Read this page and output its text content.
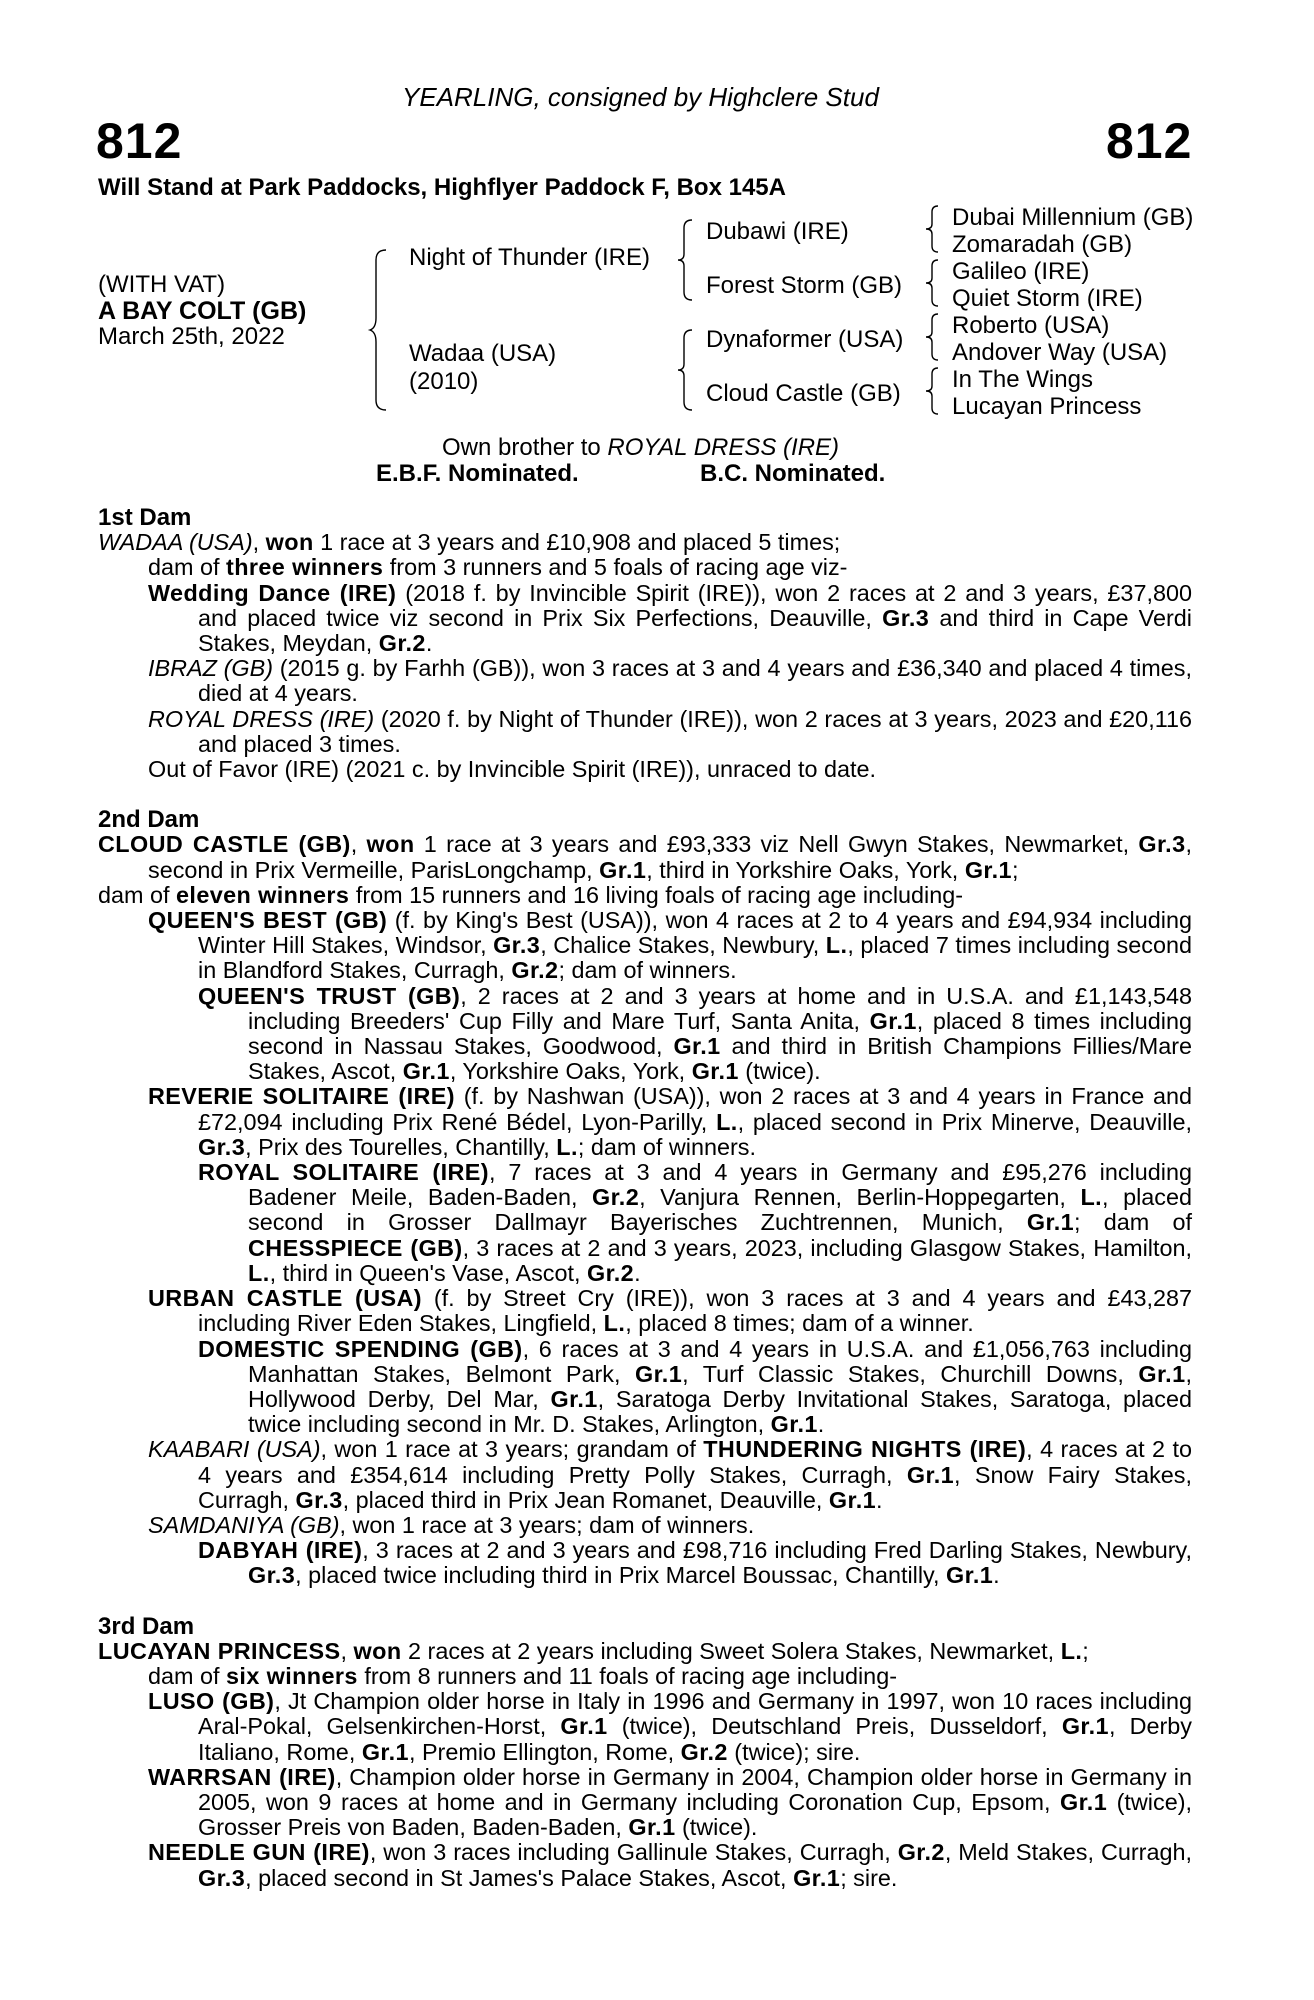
YEARLING, consigned by Highclere Stud
812	812
Will Stand at Park Paddocks, Highflyer Paddock F, Box 145A
(WITH VAT)
A BAY COLT (GB)
March 25th, 2022
Night of Thunder (IRE)
Wadaa (USA)
(2010)
Dubawi (IRE)
Forest Storm (GB)
Dynaformer (USA)
Cloud Castle (GB)
Dubai Millennium (GB)
Zomaradah (GB)
Galileo (IRE)
Quiet Storm (IRE)
Roberto (USA)
Andover Way (USA)
In The Wings
Lucayan Princess
Own brother to ROYAL DRESS (IRE)
E.B.F. Nominated.	B.C. Nominated.

1st Dam

WADAA (USA), won 1 race at 3 years and £10,908 and placed 5 times;
dam of three winners from 3 runners and 5 foals of racing age viz-

Wedding Dance (IRE) (2018 f. by Invincible Spirit (IRE)), won 2 races at 2 and 3 years, £37,800 and placed twice viz second in Prix Six Perfections, Deauville, Gr.3 and third in Cape Verdi Stakes, Meydan, Gr.2.

IBRAZ (GB) (2015 g. by Farhh (GB)), won 3 races at 3 and 4 years and £36,340 and placed 4 times, died at 4 years.

ROYAL DRESS (IRE) (2020 f. by Night of Thunder (IRE)), won 2 races at 3 years, 2023 and £20,116 and placed 3 times.

Out of Favor (IRE) (2021 c. by Invincible Spirit (IRE)), unraced to date.

2nd Dam

CLOUD CASTLE (GB), won 1 race at 3 years and £93,333 viz Nell Gwyn Stakes, Newmarket, Gr.3, second in Prix Vermeille, ParisLongchamp, Gr.1, third in Yorkshire Oaks, York, Gr.1;

dam of eleven winners from 15 runners and 16 living foals of racing age including-

QUEEN'S BEST (GB) (f. by King's Best (USA)), won 4 races at 2 to 4 years and £94,934 including Winter Hill Stakes, Windsor, Gr.3, Chalice Stakes, Newbury, L., placed 7 times including second in Blandford Stakes, Curragh, Gr.2; dam of winners.

QUEEN'S TRUST (GB), 2 races at 2 and 3 years at home and in U.S.A. and £1,143,548 including Breeders' Cup Filly and Mare Turf, Santa Anita, Gr.1, placed 8 times including second in Nassau Stakes, Goodwood, Gr.1 and third in British Champions Fillies/Mare Stakes, Ascot, Gr.1, Yorkshire Oaks, York, Gr.1 (twice).

REVERIE SOLITAIRE (IRE) (f. by Nashwan (USA)), won 2 races at 3 and 4 years in France and £72,094 including Prix René Bédel, Lyon-Parilly, L., placed second in Prix Minerve, Deauville, Gr.3, Prix des Tourelles, Chantilly, L.; dam of winners.

ROYAL SOLITAIRE (IRE), 7 races at 3 and 4 years in Germany and £95,276 including Badener Meile, Baden-Baden, Gr.2, Vanjura Rennen, Berlin-Hoppegarten, L., placed second in Grosser Dallmayr Bayerisches Zuchtrennen, Munich, Gr.1; dam of CHESSPIECE (GB), 3 races at 2 and 3 years, 2023, including Glasgow Stakes, Hamilton, L., third in Queen's Vase, Ascot, Gr.2.

URBAN CASTLE (USA) (f. by Street Cry (IRE)), won 3 races at 3 and 4 years and £43,287 including River Eden Stakes, Lingfield, L., placed 8 times; dam of a winner.

DOMESTIC SPENDING (GB), 6 races at 3 and 4 years in U.S.A. and £1,056,763 including Manhattan Stakes, Belmont Park, Gr.1, Turf Classic Stakes, Churchill Downs, Gr.1, Hollywood Derby, Del Mar, Gr.1, Saratoga Derby Invitational Stakes, Saratoga, placed twice including second in Mr. D. Stakes, Arlington, Gr.1.

KAABARI (USA), won 1 race at 3 years; grandam of THUNDERING NIGHTS (IRE), 4 races at 2 to 4 years and £354,614 including Pretty Polly Stakes, Curragh, Gr.1, Snow Fairy Stakes, Curragh, Gr.3, placed third in Prix Jean Romanet, Deauville, Gr.1.

SAMDANIYA (GB), won 1 race at 3 years; dam of winners.

DABYAH (IRE), 3 races at 2 and 3 years and £98,716 including Fred Darling Stakes, Newbury, Gr.3, placed twice including third in Prix Marcel Boussac, Chantilly, Gr.1.

3rd Dam

LUCAYAN PRINCESS, won 2 races at 2 years including Sweet Solera Stakes, Newmarket, L.;
dam of six winners from 8 runners and 11 foals of racing age including-

LUSO (GB), Jt Champion older horse in Italy in 1996 and Germany in 1997, won 10 races including Aral-Pokal, Gelsenkirchen-Horst, Gr.1 (twice), Deutschland Preis, Dusseldorf, Gr.1, Derby Italiano, Rome, Gr.1, Premio Ellington, Rome, Gr.2 (twice); sire.

WARRSAN (IRE), Champion older horse in Germany in 2004, Champion older horse in Germany in 2005, won 9 races at home and in Germany including Coronation Cup, Epsom, Gr.1 (twice), Grosser Preis von Baden, Baden-Baden, Gr.1 (twice).

NEEDLE GUN (IRE), won 3 races including Gallinule Stakes, Curragh, Gr.2, Meld Stakes, Curragh, Gr.3, placed second in St James's Palace Stakes, Ascot, Gr.1; sire.
